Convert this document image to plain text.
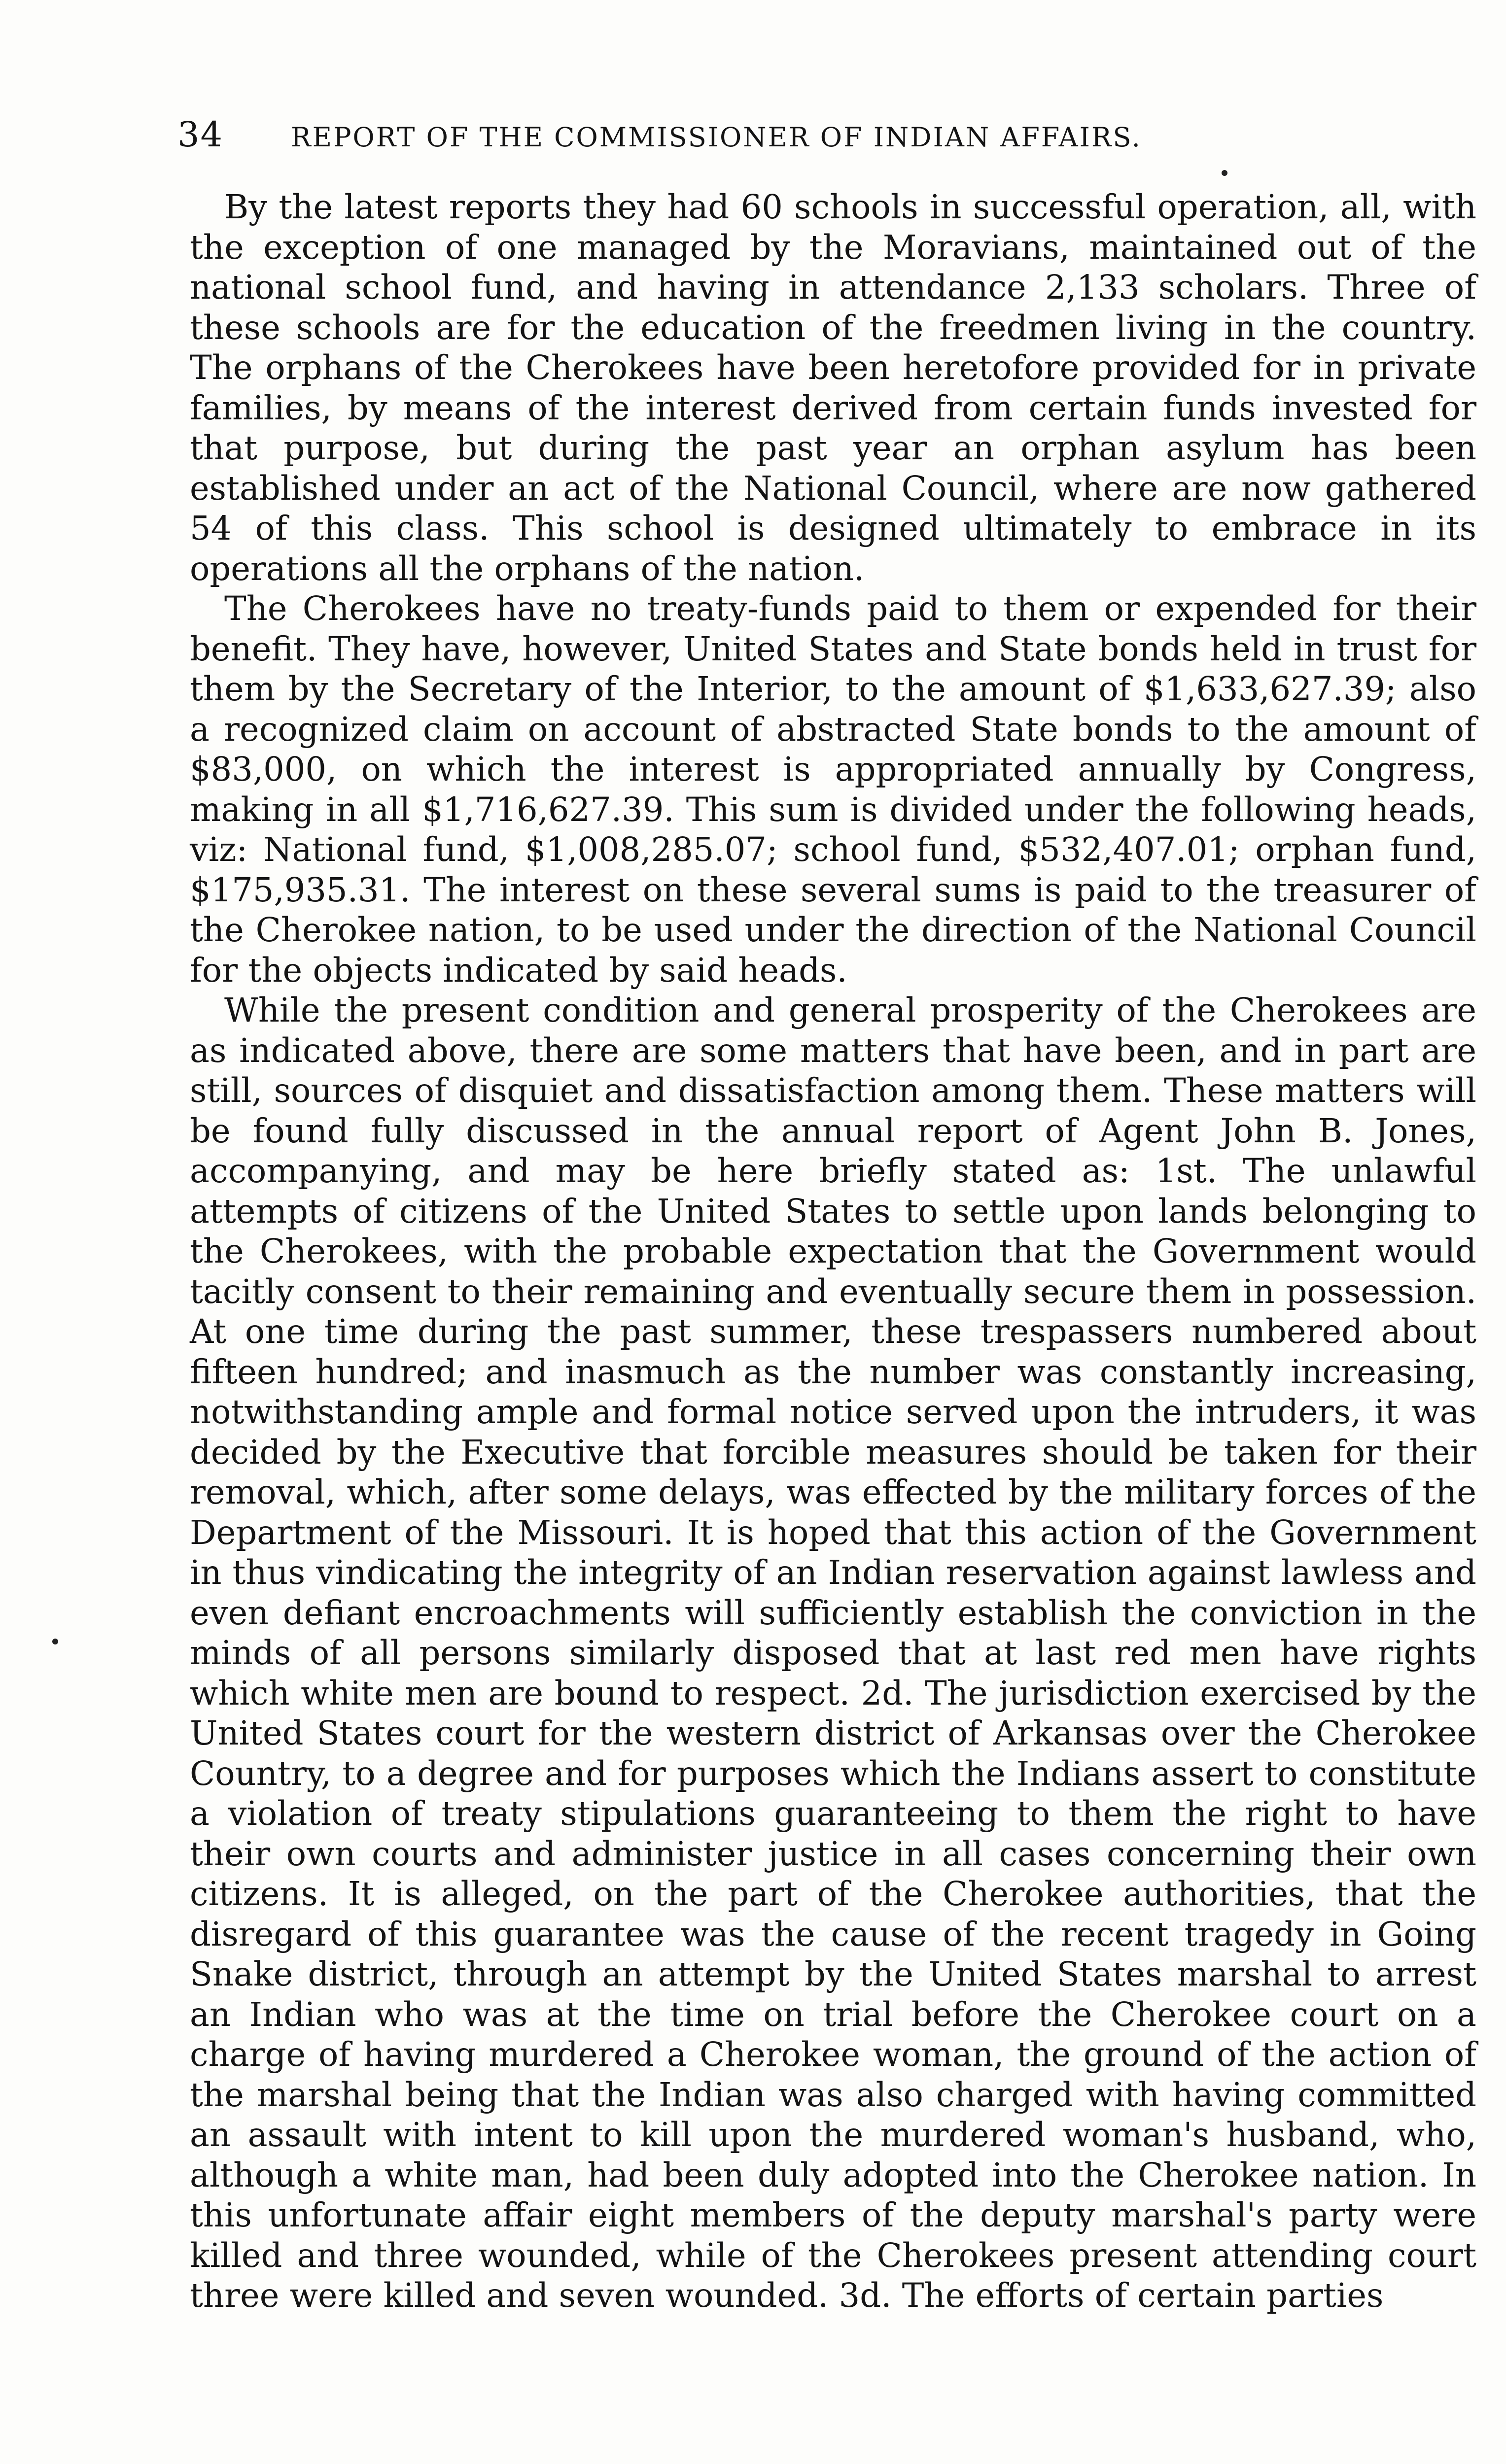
34	REPORT OF THE COMMISSIONER OF INDIAN AFFAIRS.

By the latest reports they had 60 schools in successful operation, all, with the exception of one managed by the Moravians, maintained out of the national school fund, and having in attendance 2,133 scholars. Three of these schools are for the education of the freedmen living in the country. The orphans of the Cherokees have been heretofore provided for in private families, by means of the interest derived from certain funds invested for that purpose, but during the past year an orphan asylum has been established under an act of the National Council, where are now gathered 54 of this class. This school is designed ultimately to embrace in its operations all the orphans of the nation.

The Cherokees have no treaty-funds paid to them or expended for their benefit. They have, however, United States and State bonds held in trust for them by the Secretary of the Interior, to the amount of $1,633,627.39; also a recognized claim on account of abstracted State bonds to the amount of $83,000, on which the interest is appropriated annually by Congress, making in all $1,716,627.39. This sum is divided under the following heads, viz: National fund, $1,008,285.07; school fund, $532,407.01; orphan fund, $175,935.31. The interest on these several sums is paid to the treasurer of the Cherokee nation, to be used under the direction of the National Council for the objects indicated by said heads.

While the present condition and general prosperity of the Cherokees are as indicated above, there are some matters that have been, and in part are still, sources of disquiet and dissatisfaction among them. These matters will be found fully discussed in the annual report of Agent John B. Jones, accompanying, and may be here briefly stated as: 1st. The unlawful attempts of citizens of the United States to settle upon lands belonging to the Cherokees, with the probable expectation that the Government would tacitly consent to their remaining and eventually secure them in possession. At one time during the past summer, these trespassers numbered about fifteen hundred; and inasmuch as the number was constantly increasing, notwithstanding ample and formal notice served upon the intruders, it was decided by the Executive that forcible measures should be taken for their removal, which, after some delays, was effected by the military forces of the Department of the Missouri. It is hoped that this action of the Government in thus vindicating the integrity of an Indian reservation against lawless and even defiant encroachments will sufficiently establish the conviction in the minds of all persons similarly disposed that at last red men have rights which white men are bound to respect. 2d. The jurisdiction exercised by the United States court for the western district of Arkansas over the Cherokee Country, to a degree and for purposes which the Indians assert to constitute a violation of treaty stipulations guaranteeing to them the right to have their own courts and administer justice in all cases concerning their own citizens. It is alleged, on the part of the Cherokee authorities, that the disregard of this guarantee was the cause of the recent tragedy in Going Snake district, through an attempt by the United States marshal to arrest an Indian who was at the time on trial before the Cherokee court on a charge of having murdered a Cherokee woman, the ground of the action of the marshal being that the Indian was also charged with having committed an assault with intent to kill upon the murdered woman's husband, who, although a white man, had been duly adopted into the Cherokee nation. In this unfortunate affair eight members of the deputy marshal's party were killed and three wounded, while of the Cherokees present attending court three were killed and seven wounded. 3d. The efforts of certain parties
